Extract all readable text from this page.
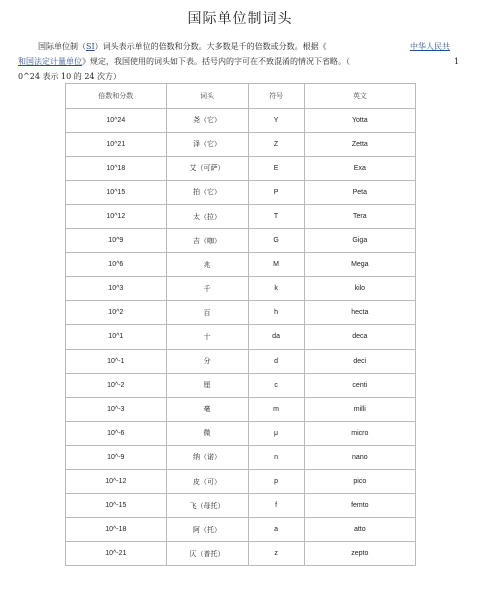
国际单位制词头
国际单位制（SI）词头表示单位的倍数和分数。大多数是千的倍数或分数。根据《	中华人民共
和国法定计量单位》规定，我国使用的词头如下表。括号内的字可在不致混淆的情况下省略。（	1
0^24 表示 10 的 24 次方）
倍数和分数	词头	符号	英文
10^24	尧（它）	Y	Yotta
10^21	泽（它）	Z	Zetta
10^18	艾（可萨）	E	Exa
10^15	拍（它）	P	Peta
10^12	太（拉）	T	Tera
10^9	吉（咖）	G	Giga
10^6	兆	M	Mega
10^3	千	k	kilo
10^2	百	h	hecta
10^1	十	da	deca
10^-1	分	d	deci
10^-2	厘	c	centi
10^-3	毫	m	milli
10^-6	微	μ	micro
10^-9	纳（诺）	n	nano
10^-12	皮（可）	p	pico
10^-15	飞（母托）	f	femto
10^-18	阿（托）	a	atto
10^-21	仄（普托）	z	zepto
